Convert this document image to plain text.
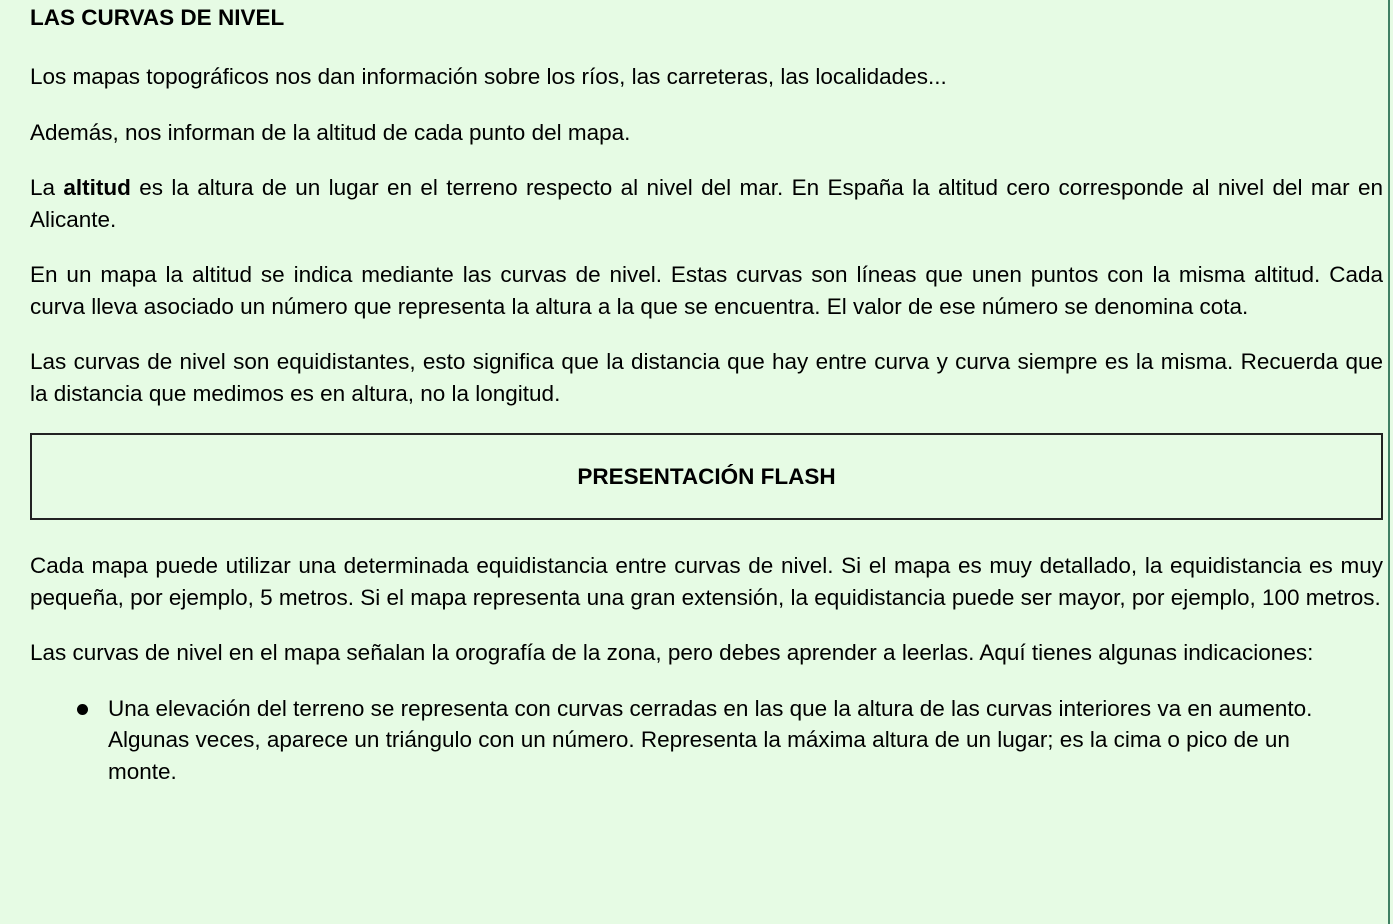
LAS CURVAS DE NIVEL

Los mapas topográficos nos dan información sobre los ríos, las carreteras, las localidades...

Además, nos informan de la altitud de cada punto del mapa.

La altitud es la altura de un lugar en el terreno respecto al nivel del mar. En España la altitud cero corresponde al nivel del mar en Alicante.

En un mapa la altitud se indica mediante las curvas de nivel. Estas curvas son líneas que unen puntos con la misma altitud. Cada curva lleva asociado un número que representa la altura a la que se encuentra. El valor de ese número se denomina cota.

Las curvas de nivel son equidistantes, esto significa que la distancia que hay entre curva y curva siempre es la misma. Recuerda que la distancia que medimos es en altura, no la longitud.

PRESENTACIÓN FLASH

Cada mapa puede utilizar una determinada equidistancia entre curvas de nivel. Si el mapa es muy detallado, la equidistancia es muy pequeña, por ejemplo, 5 metros. Si el mapa representa una gran extensión, la equidistancia puede ser mayor, por ejemplo, 100 metros.

Las curvas de nivel en el mapa señalan la orografía de la zona, pero debes aprender a leerlas. Aquí tienes algunas indicaciones:

Una elevación del terreno se representa con curvas cerradas en las que la altura de las curvas interiores va en aumento. Algunas veces, aparece un triángulo con un número. Representa la máxima altura de un lugar; es la cima o pico de un monte.
